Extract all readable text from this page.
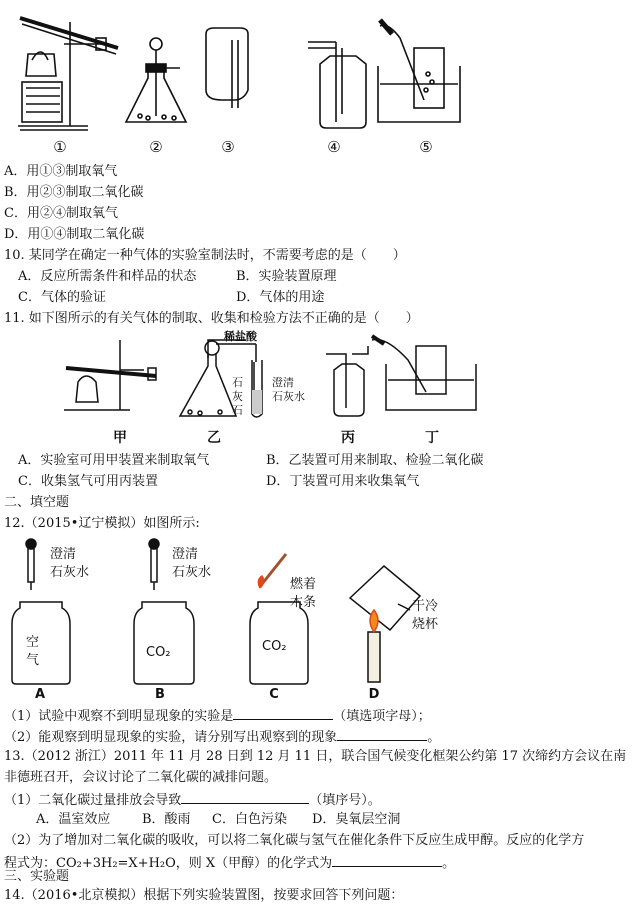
①	②	③	④	⑤
A．用①③制取氧气
B．用②③制取二氧化碳
C．用②④制取氧气
D．用①④制取二氧化碳
10. 某同学在确定一种气体的实验室制法时，不需要考虑的是（　　）
A．反应所需条件和样品的状态	B．实验装置原理
C．气体的验证	D．气体的用途
11. 如下图所示的有关气体的制取、收集和检验方法不正确的是（　　）
稀盐酸
石
灰
石
澄清
石灰水
甲	乙	丙	丁
A．实验室可用甲装置来制取氧气	B．乙装置可用来制取、检验二氧化碳
C．收集氢气可用丙装置	D．丁装置可用来收集氧气
二、填空题
12.（2015•辽宁模拟）如图所示:
澄清
石灰水
澄清
石灰水
燃着
木条	干冷
烧杯
空
气
CO₂	CO₂
A	B	C	D
（1）试验中观察不到明显现象的实验是	（填选项字母）；
（2）能观察到明显现象的实验，请分别写出观察到的现象	。
13.（2012 浙江）2011 年 11 月 28 日到 12 月 11 日，联合国气候变化框架公约第 17 次缔约方会议在南
非德班召开，会议讨论了二氧化碳的减排问题。
（1）二氧化碳过量排放会导致	（填序号）。
A．温室效应 B．酸雨 C．白色污染 D．臭氧层空洞
（2）为了增加对二氧化碳的吸收，可以将二氧化碳与氢气在催化条件下反应生成甲醇。反应的化学方
程式为：CO₂+3H₂=X+H₂O，则 X（甲醇）的化学式为	。
三、实验题
14.（2016•北京模拟）根据下列实验装置图，按要求回答下列问题：
